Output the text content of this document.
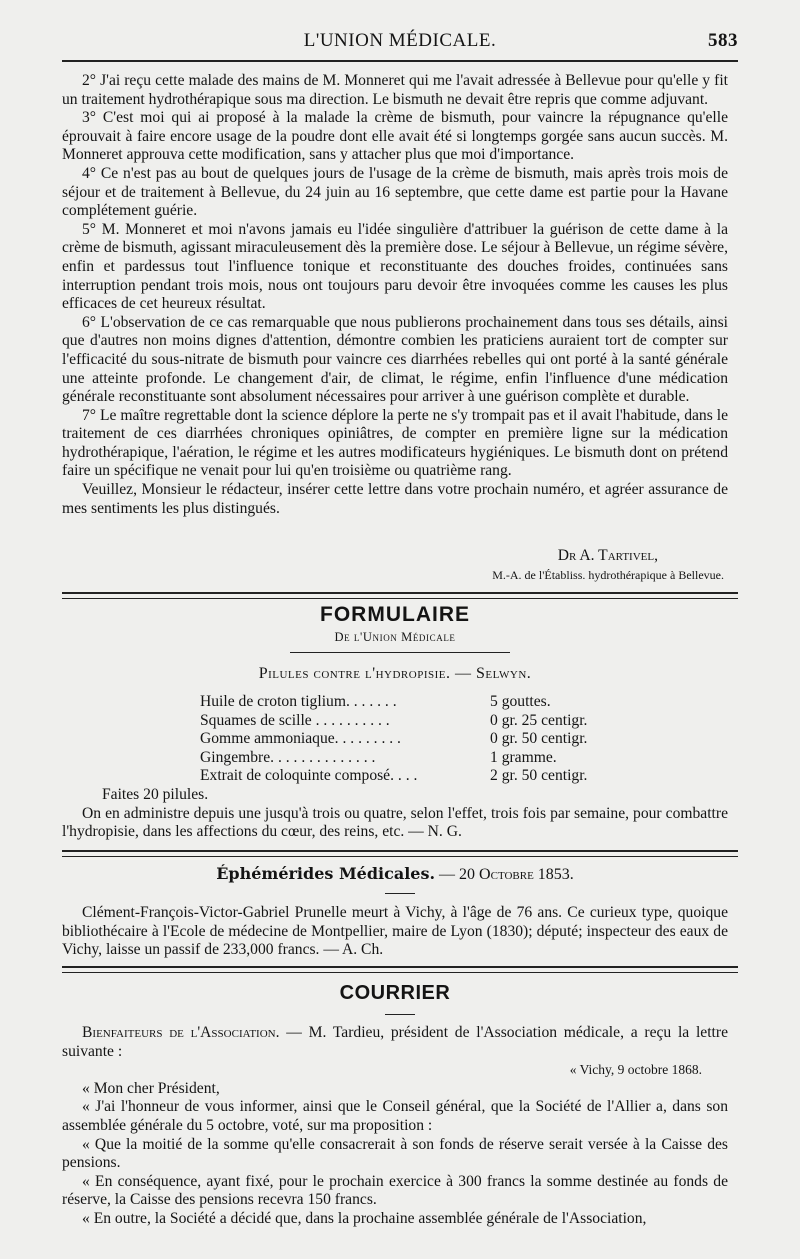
L'UNION MÉDICALE.	583

2° J'ai reçu cette malade des mains de M. Monneret qui me l'avait adressée à Bellevue pour qu'elle y fit un traitement hydrothérapique sous ma direction. Le bismuth ne devait être repris que comme adjuvant.

3° C'est moi qui ai proposé à la malade la crème de bismuth, pour vaincre la répugnance qu'elle éprouvait à faire encore usage de la poudre dont elle avait été si longtemps gorgée sans aucun succès. M. Monneret approuva cette modification, sans y attacher plus que moi d'importance.

4° Ce n'est pas au bout de quelques jours de l'usage de la crème de bismuth, mais après trois mois de séjour et de traitement à Bellevue, du 24 juin au 16 septembre, que cette dame est partie pour la Havane complétement guérie.

5° M. Monneret et moi n'avons jamais eu l'idée singulière d'attribuer la guérison de cette dame à la crème de bismuth, agissant miraculeusement dès la première dose. Le séjour à Bellevue, un régime sévère, enfin et pardessus tout l'influence tonique et reconstituante des douches froides, continuées sans interruption pendant trois mois, nous ont toujours paru devoir être invoquées comme les causes les plus efficaces de cet heureux résultat.

6° L'observation de ce cas remarquable que nous publierons prochainement dans tous ses détails, ainsi que d'autres non moins dignes d'attention, démontre combien les praticiens auraient tort de compter sur l'efficacité du sous-nitrate de bismuth pour vaincre ces diarrhées rebelles qui ont porté à la santé générale une atteinte profonde. Le changement d'air, de climat, le régime, enfin l'influence d'une médication générale reconstituante sont absolument nécessaires pour arriver à une guérison complète et durable.

7° Le maître regrettable dont la science déplore la perte ne s'y trompait pas et il avait l'habitude, dans le traitement de ces diarrhées chroniques opiniâtres, de compter en première ligne sur la médication hydrothérapique, l'aération, le régime et les autres modificateurs hygiéniques. Le bismuth dont on prétend faire un spécifique ne venait pour lui qu'en troisième ou quatrième rang.

Veuillez, Monsieur le rédacteur, insérer cette lettre dans votre prochain numéro, et agréer assurance de mes sentiments les plus distingués.

Dr A. Tartivel,
M.-A. de l'Établiss. hydrothérapique à Bellevue.
FORMULAIRE
De l'Union Médicale
Pilules contre l'hydropisie. — Selwyn.
Huile de croton tiglium. . . . . . .	5 gouttes.
Squames de scille . . . . . . . . . .	0 gr. 25 centigr.
Gomme ammoniaque. . . . . . . . .	0 gr. 50 centigr.
Gingembre. . . . . . . . . . . . . .	1 gramme.
Extrait de coloquinte composé. . . .	2 gr. 50 centigr.

Faites 20 pilules.

On en administre depuis une jusqu'à trois ou quatre, selon l'effet, trois fois par semaine, pour combattre l'hydropisie, dans les affections du cœur, des reins, etc. — N. G.

Éphémérides Médicales. — 20 Octobre 1853.

Clément-François-Victor-Gabriel Prunelle meurt à Vichy, à l'âge de 76 ans. Ce curieux type, quoique bibliothécaire à l'Ecole de médecine de Montpellier, maire de Lyon (1830); député; inspecteur des eaux de Vichy, laisse un passif de 233,000 francs. — A. Ch.

COURRIER

Bienfaiteurs de l'Association. — M. Tardieu, président de l'Association médicale, a reçu la lettre suivante :

« Vichy, 9 octobre 1868.

« Mon cher Président,

« J'ai l'honneur de vous informer, ainsi que le Conseil général, que la Société de l'Allier a, dans son assemblée générale du 5 octobre, voté, sur ma proposition :

« Que la moitié de la somme qu'elle consacrerait à son fonds de réserve serait versée à la Caisse des pensions.

« En conséquence, ayant fixé, pour le prochain exercice à 300 francs la somme destinée au fonds de réserve, la Caisse des pensions recevra 150 francs.

« En outre, la Société a décidé que, dans la prochaine assemblée générale de l'Association,
